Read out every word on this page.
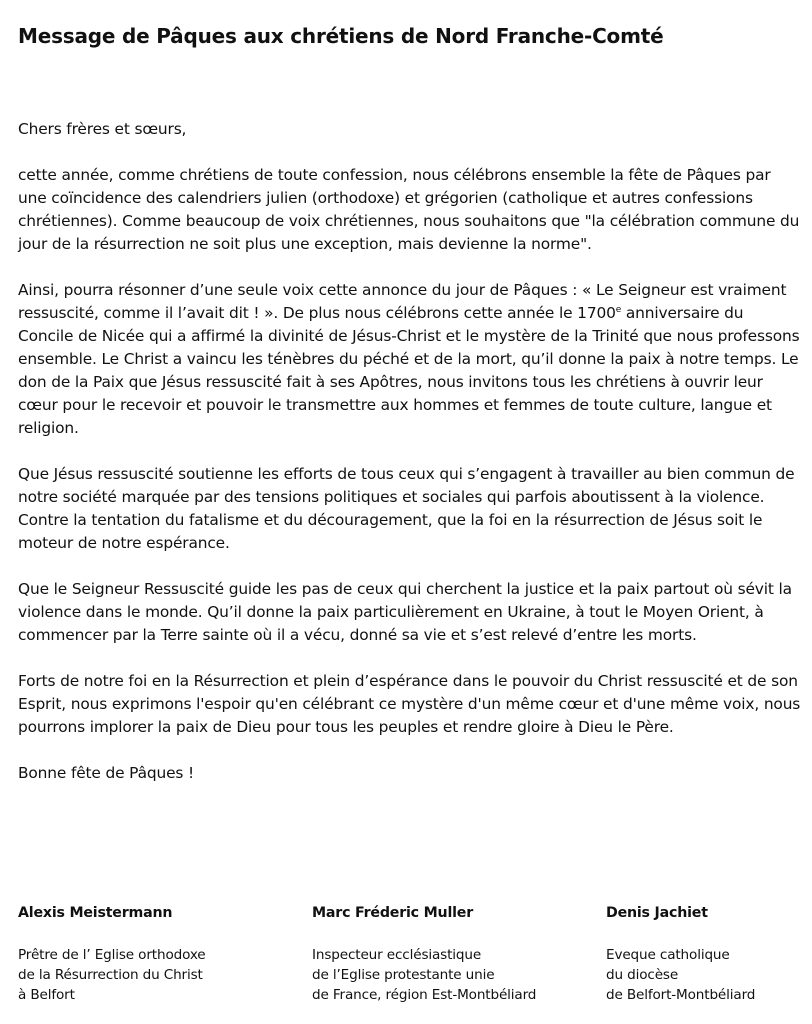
Message de Pâques aux chrétiens de Nord Franche-Comté

Chers frères et sœurs,

cette année, comme chrétiens de toute confession, nous célébrons ensemble la fête de Pâques par une coïncidence des calendriers julien (orthodoxe) et grégorien (catholique et autres confessions chrétiennes). Comme beaucoup de voix chrétiennes, nous souhaitons que "la célébration commune du jour de la résurrection ne soit plus une exception, mais devienne la norme".

Ainsi, pourra résonner d’une seule voix cette annonce du jour de Pâques : « Le Seigneur est vraiment ressuscité, comme il l’avait dit ! ». De plus nous célébrons cette année le 1700e anniversaire du Concile de Nicée qui a affirmé la divinité de Jésus-Christ et le mystère de la Trinité que nous professons ensemble. Le Christ a vaincu les ténèbres du péché et de la mort, qu’il donne la paix à notre temps. Le don de la Paix que Jésus ressuscité fait à ses Apôtres, nous invitons tous les chrétiens à ouvrir leur cœur pour le recevoir et pouvoir le transmettre aux hommes et femmes de toute culture, langue et religion.

Que Jésus ressuscité soutienne les efforts de tous ceux qui s’engagent à travailler au bien commun de notre société marquée par des tensions politiques et sociales qui parfois aboutissent à la violence. Contre la tentation du fatalisme et du découragement, que la foi en la résurrection de Jésus soit le moteur de notre espérance.

Que le Seigneur Ressuscité guide les pas de ceux qui cherchent la justice et la paix partout où sévit la violence dans le monde. Qu’il donne la paix particulièrement en Ukraine, à tout le Moyen Orient, à commencer par la Terre sainte où il a vécu, donné sa vie et s’est relevé d’entre les morts.

Forts de notre foi en la Résurrection et plein d’espérance dans le pouvoir du Christ ressuscité et de son Esprit, nous exprimons l'espoir qu'en célébrant ce mystère d'un même cœur et d'une même voix, nous pourrons implorer la paix de Dieu pour tous les peuples et rendre gloire à Dieu le Père.

Bonne fête de Pâques !

Alexis Meistermann
Prêtre de l’ Eglise orthodoxe
de la Résurrection du Christ
à Belfort
Marc Fréderic Muller
Inspecteur ecclésiastique
de l’Eglise protestante unie
de France, région Est-Montbéliard
Denis Jachiet
Eveque catholique
du diocèse
de Belfort-Montbéliard
